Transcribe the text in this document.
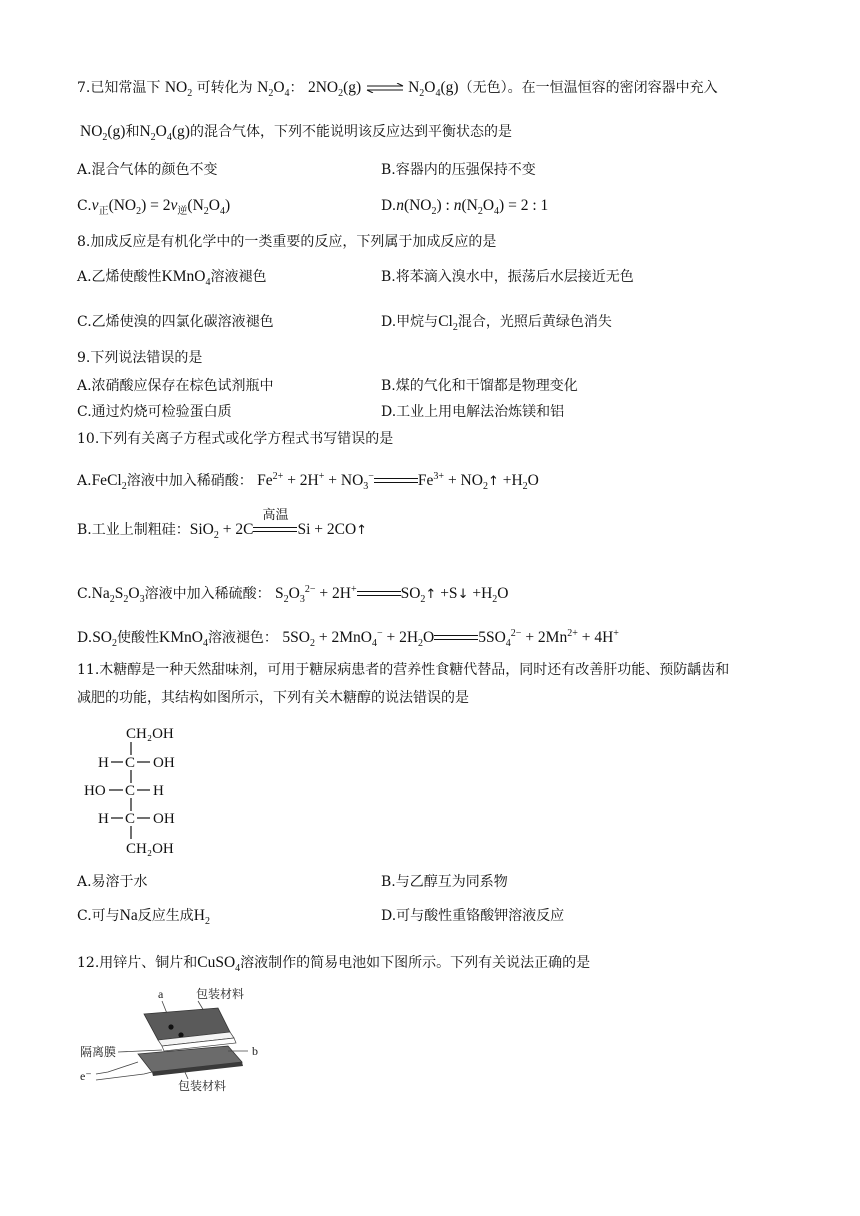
7.已知常温下 $NO_2$ 可转化为 $N_2O_4$： $2NO_2(g)$ ⇌ $N_2O_4(g)$（无色）。在一恒温恒容的密闭容器中充入
$NO_2(g)$和$N_2O_4(g)$的混合气体，下列不能说明该反应达到平衡状态的是
A.混合气体的颜色不变	B.容器内的压强保持不变
$C.v_正(NO_2) = 2v_逆(N_2O_4)$	$D.n(NO_2)$ : $n(N_2O_4) = 2$ : 1
8.加成反应是有机化学中的一类重要的反应，下列属于加成反应的是
A.乙烯使酸性KMnO$_4$溶液褪色	B.将苯滴入溴水中，振荡后水层接近无色
C.乙烯使溴的四氯化碳溶液褪色	D.甲烷与$Cl_2$混合，光照后黄绿色消失
9.下列说法错误的是
A.浓硝酸应保存在棕色试剂瓶中	B.煤的气化和干馏都是物理变化
C.通过灼烧可检验蛋白质	D.工业上用电解法治炼镁和铝
10.下列有关离子方程式或化学方程式书写错误的是
A.FeCl$_2$溶液中加入稀硝酸： $Fe^{2+} + 2H^+ + NO_3^-$	$Fe^{3+}$ + $NO_2↑ +H_2O$
B.工业上制粗硅：SiO$_2$ + 2C
高温
Si + 2CO↑
$C.Na_2S_2O_3$溶液中加入稀硫酸： $S_2O_3^{2-} + 2H^+$	$SO_2↑$ +S↓ $+H_2O$
$D.SO_2$使酸性KMnO$_4$溶液褪色： $5SO_2 + 2MnO_4^- + 2H_2O$	$5SO_4^{2-} + 2Mn^{2+} + 4H^+$
11.木糖醇是一种天然甜味剂，可用于糖尿病患者的营养性食糖代替品，同时还有改善肝功能、预防龋齿和
减肥的功能，其结构如图所示，下列有关木糖醇的说法错误的是
CH₂OH
H C OH
HO C H
H C OH
CH₂OH
A.易溶于水	B.与乙醇互为同系物
C.可与Na反应生成$H_2$	D.可与酸性重铬酸钾溶液反应
12.用锌片、铜片和CuSO$_4$溶液制作的简易电池如下图所示。下列有关说法正确的是
a	包装材料
隔离膜	b
e⁻
包装材料
